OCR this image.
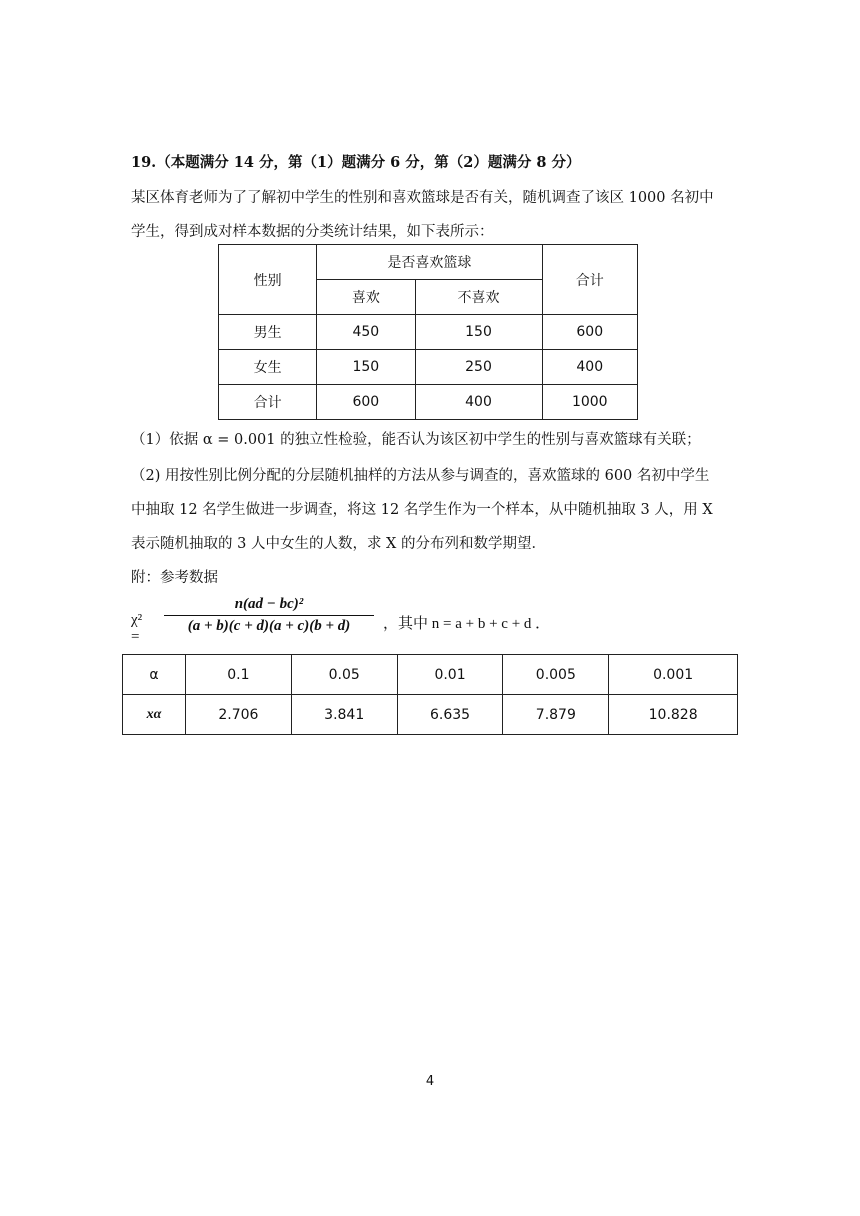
19.（本题满分 14 分，第（1）题满分 6 分，第（2）题满分 8 分）
某区体育老师为了了解初中学生的性别和喜欢篮球是否有关，随机调查了该区 1000 名初中
学生，得到成对样本数据的分类统计结果，如下表所示：
性别	是否喜欢篮球		合计
	喜欢	不喜欢	
男生	450	150	600
女生	150	250	400
合计	600	400	1000
（1）依据 α = 0.001 的独立性检验，能否认为该区初中学生的性别与喜欢篮球有关联；
（2) 用按性别比例分配的分层随机抽样的方法从参与调查的，喜欢篮球的 600 名初中学生
中抽取 12 名学生做进一步调查，将这 12 名学生作为一个样本，从中随机抽取 3 人，用 X
表示随机抽取的 3 人中女生的人数，求 X 的分布列和数学期望．
附：参考数据
χ² =
n(ad − bc)²
(a + b)(c + d)(a + c)(b + d)	，其中 n = a + b + c + d ．
α	0.1	0.05	0.01	0.005	0.001
xα	2.706	3.841	6.635	7.879	10.828
4
